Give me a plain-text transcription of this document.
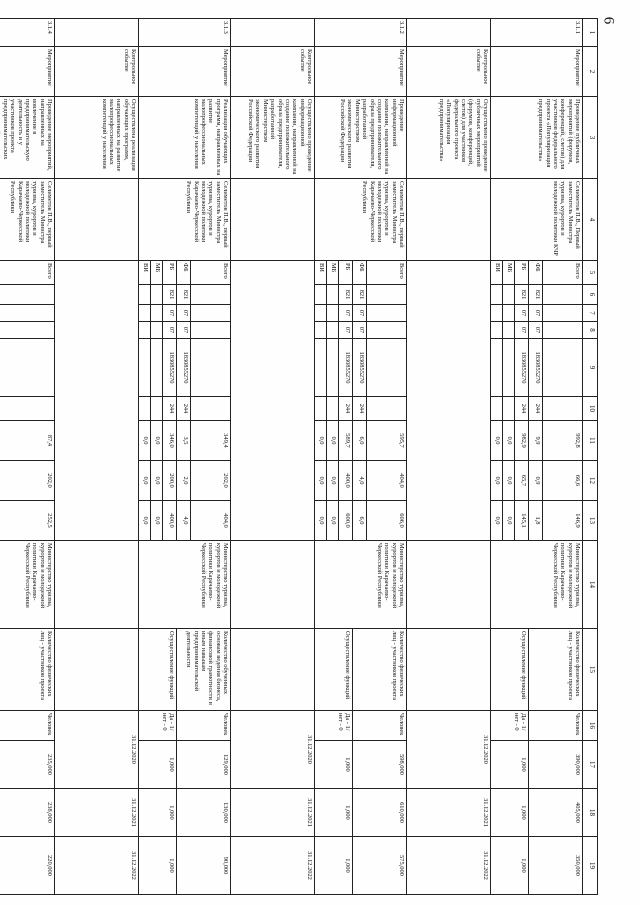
6
1	2	3	4	5	6	7	8	9	10	11	12	13	14	15	16	17	18	19
3.1.1	Мероприятие	Проведение публичных мероприятий (форумов, конференций, слетов) для участников федерального проекта «Популяризация предпринимательства»	Селиметов П.В., Первый заместитель Министра туризма, курортов и молодежной политики КЧР	Всего						992,8	66,6	146,9	Министерство туризма, курортов и молодежной политики Карачаево-Черкесской Республики	Количество физических лиц - участников проекта	Человек	390,000	405,000	350,000
				ФБ	821	07	07	1830855270	244	9,9	0,9	1,8						
				РБ	821	07	07	1830855270	244	982,9	65,7	145,1		Осуществление функций	Да - 1/ нет - 0	1,000	1,000	1,000
				МБ						0,0	0,0	0,0						
				ВИ						0,0	0,0	0,0						
	Контрольное событие	Осуществлено проведение публичных мероприятий (форумов, конференций, слетов) для участников федерального проекта «Популяризация предпринимательства»													31.12.2020		31.12.2021	31.12.2022
3.1.2	Мероприятие	Проведение информационной кампании, направленной на создание положительного образа предпринимателя, разработанной Министерством экономического развития Российской Федерации	Селиметов П.В., первый заместитель Министра туризма, курортов и молодежной политики Карачаево-Черкесской Республики	Всего						595,7	404,0	606,0	Министерство туризма, курортов и молодежной политики Карачаево-Черкесской Республики	Количество физических лиц - участников проекта	Человек	598,000	610,000	575,000
				ФБ	821	07	07	1830855270	244	6,0	4,0	6,0						
				РБ	821	07	07	1830855270	244	589,7	400,0	600,0		Осуществление функций	Да - 1/ нет - 0	1,000	1,000	1,000
				МБ						0,0	0,0	0,0						
				ВИ						0,0	0,0	0,0						
	Контрольное событие	Осуществлено проведение информационной кампании, направленной на создание положительного образа предпринимателя, разработанной Министерством экономического развития Российской Федерации													31.12.2020		31.12.2021	31.12.2022
3.1.3	Мероприятие	Реализация обучающих программ, направленных на развитие малопрофессиональных компетенций у населения	Селиметов П.В., первый заместитель Министра туризма, курортов и молодежной политики Карачаево-Черкесской Республики	Всего						349,4	202,0	404,0	Министерство туризма, курортов и молодежной политики Карачаево-Черкесской Республики	Количество обученных основам ведения бизнеса, финансовой грамотности и иным навыкам предпринимательской деятельности	Человек	129,000	130,000	90,000
				ФБ	821	07	07	1830855270	244	3,5	2,0	4,0						
				РБ	821	07	07	1830855270	244	346,0	200,0	400,0		Осуществление функций	Да - 1/ нет - 0	1,000	1,000	1,000
				МБ						0,0	0,0	0,0						
				ВИ						0,0	0,0	0,0						
	Контрольное событие	Осуществлена реализация обучающих программ, направленных на развитие малопрофессиональных компетенций у населения													31.12.2020		31.12.2021	31.12.2022
3.1.4	Мероприятие	Проведение мероприятий, направленных на вовлечение в предпринимательскую деятельность и у участников проекта предпринимательских	Селиметов П.В., первый заместитель Министра туризма, курортов и молодежной политики Карачаево-Черкесской Республики	Всего						87,4	202,0	252,5	Министерство туризма, курортов и молодежной политики Карачаево-Черкесской Республики	Количество физических лиц - участников проекта	Человек	235,000	238,000	220,000
